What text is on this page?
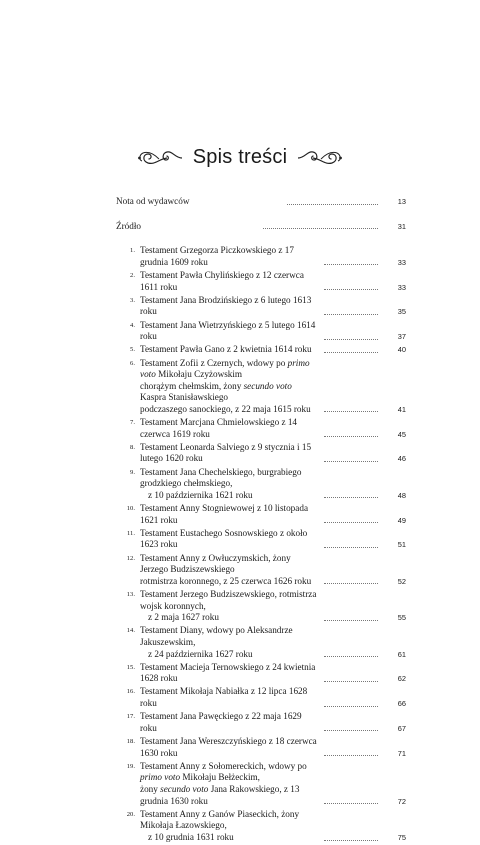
Spis treści
Nota od wydawców	13
Źródło	31
1. Testament Grzegorza Piczkowskiego z 17 grudnia 1609 roku	33
2. Testament Pawła Chylińskiego z 12 czerwca 1611 roku	33
3. Testament Jana Brodzińskiego z 6 lutego 1613 roku	35
4. Testament Jana Wietrzyńskiego z 5 lutego 1614 roku	37
5. Testament Pawła Gano z 2 kwietnia 1614 roku	40
6. Testament Zofii z Czernych, wdowy po primo voto Mikołaju Czyżowskim
chorążym chełmskim, żony secundo voto Kaspra Stanisławskiego
podczaszego sanockiego, z 22 maja 1615 roku	41
7. Testament Marcjana Chmielowskiego z 14 czerwca 1619 roku	45
8. Testament Leonarda Salviego z 9 stycznia i 15 lutego 1620 roku	46
9. Testament Jana Chechelskiego, burgrabiego grodzkiego chełmskiego,
z 10 października 1621 roku	48
10. Testament Anny Stogniewowej z 10 listopada 1621 roku	49
11. Testament Eustachego Sosnowskiego z około 1623 roku	51
12. Testament Anny z Owłuczymskich, żony Jerzego Budziszewskiego
rotmistrza koronnego, z 25 czerwca 1626 roku	52
13. Testament Jerzego Budziszewskiego, rotmistrza wojsk koronnych,
z 2 maja 1627 roku	55
14. Testament Diany, wdowy po Aleksandrze Jakuszewskim,
z 24 października 1627 roku	61
15. Testament Macieja Ternowskiego z 24 kwietnia 1628 roku	62
16. Testament Mikołaja Nabiałka z 12 lipca 1628 roku	66
17. Testament Jana Pawęckiego z 22 maja 1629 roku	67
18. Testament Jana Wereszczyńskiego z 18 czerwca 1630 roku	71
19. Testament Anny z Sołomereckich, wdowy po primo voto Mikołaju Bełżeckim,
żony secundo voto Jana Rakowskiego, z 13 grudnia 1630 roku	72
20. Testament Anny z Ganów Piaseckich, żony Mikołaja Łazowskiego,
z 10 grudnia 1631 roku	75
